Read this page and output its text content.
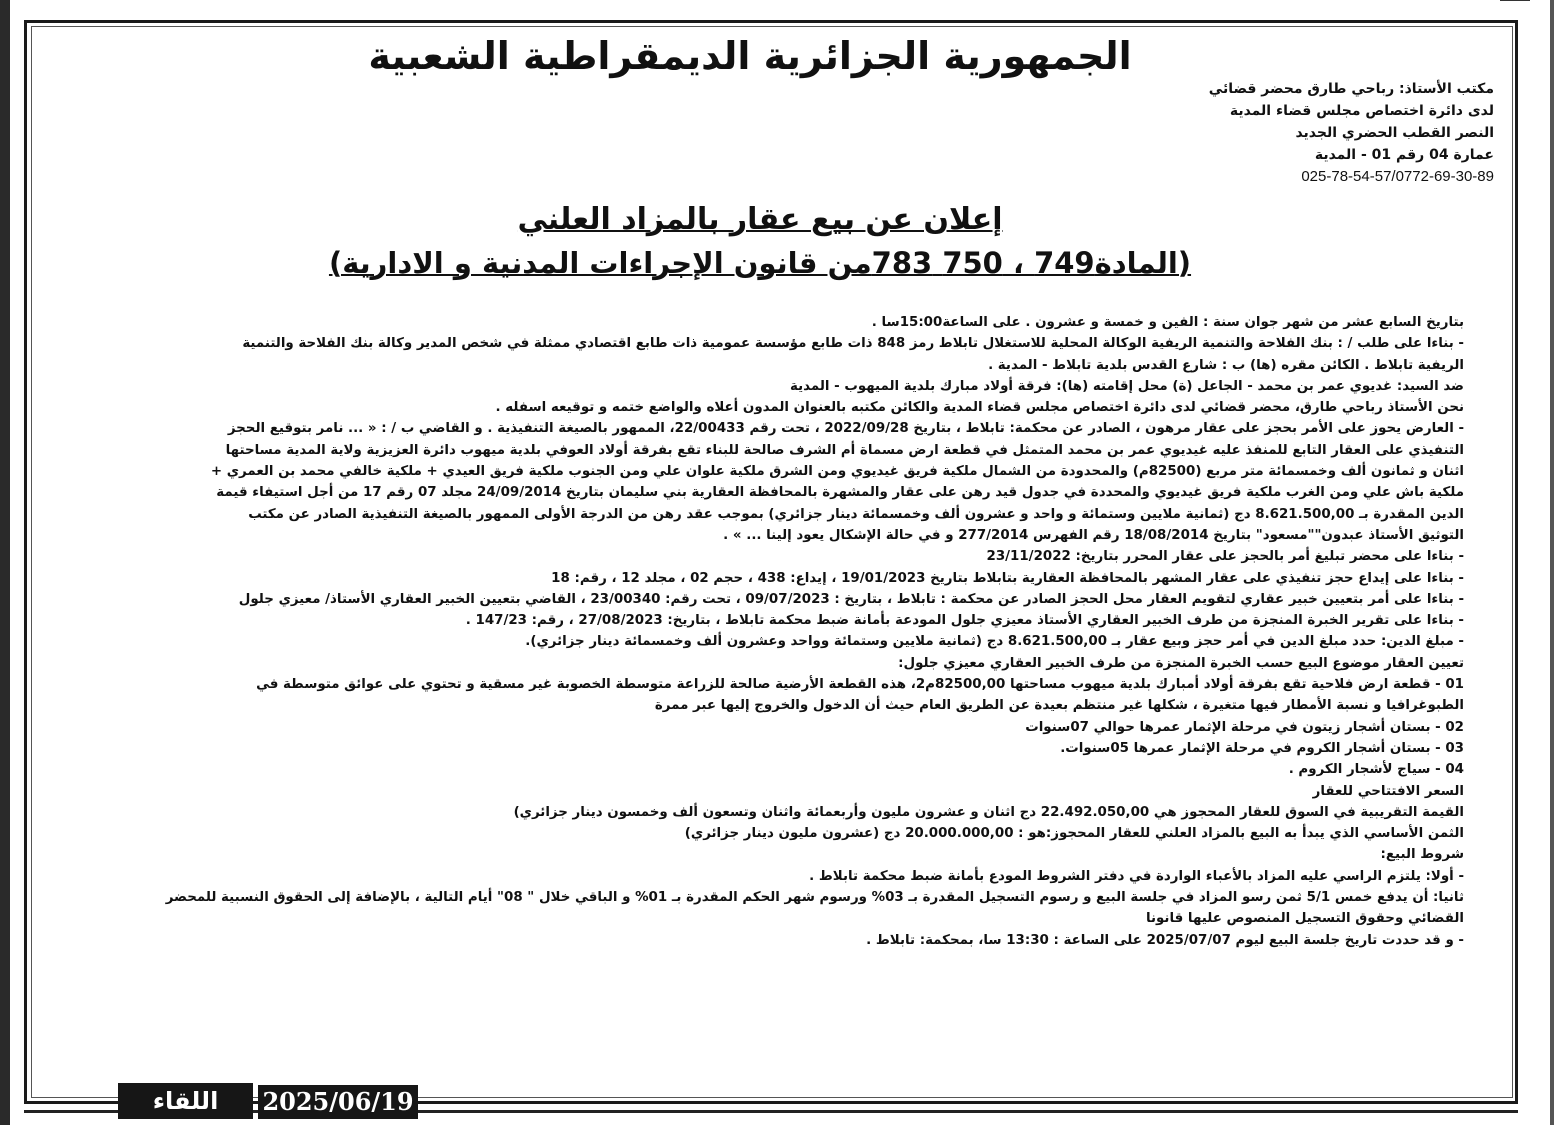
الجمهورية الجزائرية الديمقراطية الشعبية
مكتب الأستاذ: رباحي طارق محضر قضائي
لدى دائرة اختصاص مجلس قضاء المدية
النصر القطب الحضري الجديد
عمارة 04 رقم 01 - المدية
025-78-54-57/0772-69-30-89
إعلان عن بيع عقار بالمزاد العلني
(المادة749 ، 750 783من قانون الإجراءات المدنية و الادارية)
بتاريخ السابع عشر من شهر جوان سنة : الفين و خمسة و عشرون . على الساعة15:00سا .
- بناءا على طلب / : بنك الفلاحة والتنمية الريفية الوكالة المحلية للاستغلال تابلاط رمز 848 ذات طابع مؤسسة عمومية ذات طابع اقتصادي ممثلة في شخص المدير وكالة بنك الفلاحة والتنمية
الريفية تابلاط . الكائن مقره (ها) ب : شارع القدس بلدية تابلاط - المدية .
ضد السيد: غديوي عمر بن محمد - الجاعل (ة) محل إقامته (ها): فرقة أولاد مبارك بلدية الميهوب - المدية
نحن الأستاذ رباحي طارق، محضر قضائي لدى دائرة اختصاص مجلس قضاء المدية والكائن مكتبه بالعنوان المدون أعلاه والواضع ختمه و توقيعه اسفله .
- العارض يحوز على الأمر بحجز على عقار مرهون ، الصادر عن محكمة: تابلاط ، بتاريخ 2022/09/28 ، تحت رقم 22/00433، الممهور بالصيغة التنفيذية . و القاضي ب / : « ... نامر بتوقيع الحجز
التنفيذي على العقار التابع للمنفذ عليه غيديوي عمر بن محمد المتمثل في قطعة ارض مسماة أم الشرف صالحة للبناء تقع بفرقة أولاد العوفي بلدية ميهوب دائرة العزيزية ولاية المدية مساحتها
اثنان و ثمانون ألف وخمسمائة متر مربع (82500م) والمحدودة من الشمال ملكية فريق غيديوي ومن الشرق ملكية علوان علي ومن الجنوب ملكية فريق العيدي + ملكية خالفي محمد بن العمري +
ملكية باش علي ومن الغرب ملكية فريق غيديوي والمحددة في جدول قيد رهن على عقار والمشهرة بالمحافظة العقارية بني سليمان بتاريخ 24/09/2014 مجلد 07 رقم 17 من أجل استيفاء قيمة
الدين المقدرة بـ 8.621.500,00 دج (ثمانية ملايين وستمائة و واحد و عشرون ألف وخمسمائة دينار جزائري) بموجب عقد رهن من الدرجة الأولى الممهور بالصيغة التنفيذية الصادر عن مكتب
التوثيق الأستاذ عبدون""مسعود" بتاريخ 18/08/2014 رقم الفهرس 277/2014 و في حالة الإشكال يعود إلينا ... » .
- بناءا على محضر تبليغ أمر بالحجز على عقار المحرر بتاريخ: 23/11/2022
- بناءا على إيداع حجز تنفيذي على عقار المشهر بالمحافظة العقارية بتابلاط بتاريخ 19/01/2023 ، إيداع: 438 ، حجم 02 ، مجلد 12 ، رقم: 18
- بناءا على أمر بتعيين خبير عقاري لتقويم العقار محل الحجز الصادر عن محكمة : تابلاط ، بتاريخ : 09/07/2023 ، تحت رقم: 23/00340 ، القاضي بتعيين الخبير العقاري الأستاذ/ معيزي جلول
- بناءا على تقرير الخبرة المنجزة من طرف الخبير العقاري الأستاذ معيزي جلول المودعة بأمانة ضبط محكمة تابلاط ، بتاريخ: 27/08/2023 ، رقم: 147/23 .
- مبلغ الدين: حدد مبلغ الدين في أمر حجز وبيع عقار بـ 8.621.500,00 دج (ثمانية ملايين وستمائة وواحد وعشرون ألف وخمسمائة دينار جزائري).
تعيين العقار موضوع البيع حسب الخبرة المنجزة من طرف الخبير العقاري معيزي جلول:
01 - قطعة ارض فلاحية تقع بفرقة أولاد أمبارك بلدية ميهوب مساحتها 82500,00م2، هذه القطعة الأرضية صالحة للزراعة متوسطة الخصوبة غير مسقية و تحتوي على عوائق متوسطة في
الطبوغرافيا و نسبة الأمطار فيها متغيرة ، شكلها غير منتظم بعيدة عن الطريق العام حيث أن الدخول والخروج إليها عبر ممرة
02 - بستان أشجار زيتون في مرحلة الإثمار عمرها حوالي 07سنوات
03 - بستان أشجار الكروم في مرحلة الإثمار عمرها 05سنوات.
04 - سياج لأشجار الكروم .
السعر الافتتاحي للعقار
القيمة التقريبية في السوق للعقار المحجوز هي 22.492.050,00 دج اثنان و عشرون مليون وأربعمائة واثنان وتسعون ألف وخمسون دينار جزائري)
الثمن الأساسي الذي يبدأ به البيع بالمزاد العلني للعقار المحجوز:هو : 20.000.000,00 دج (عشرون مليون دينار جزائري)
شروط البيع:
- أولا: يلتزم الراسي عليه المزاد بالأعباء الواردة في دفتر الشروط المودع بأمانة ضبط محكمة تابلاط .
ثانيا: أن يدفع خمس 5/1 ثمن رسو المزاد في جلسة البيع و رسوم التسجيل المقدرة بـ 03% ورسوم شهر الحكم المقدرة بـ 01% و الباقي خلال " 08" أيام التالية ، بالإضافة إلى الحقوق النسبية للمحضر
القضائي وحقوق التسجيل المنصوص عليها قانونا
- و قد حددت تاريخ جلسة البيع ليوم 2025/07/07 على الساعة : 13:30 سا، بمحكمة: تابلاط .
اللقاء	2025/06/19
